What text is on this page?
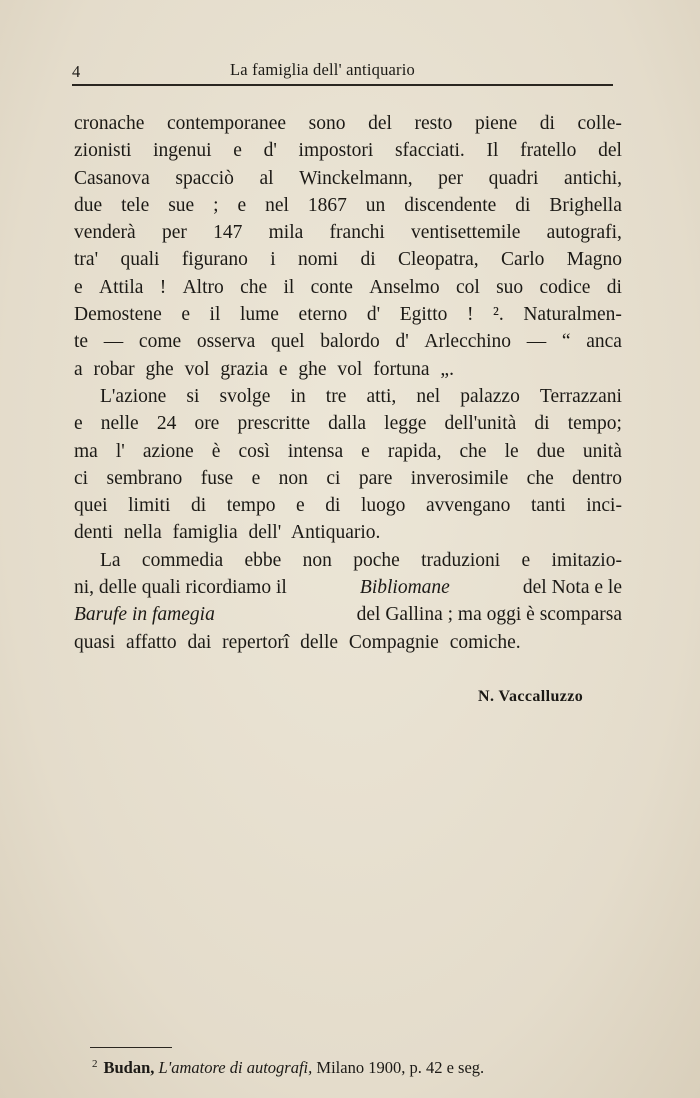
4	La famiglia dell' antiquario
cronache contemporanee sono del resto piene di colle-
zionisti ingenui e d' impostori sfacciati. Il fratello del
Casanova spacciò al Winckelmann, per quadri antichi,
due tele sue ; e nel 1867 un discendente di Brighella
venderà per 147 mila franchi ventisettemile autografi,
tra' quali figurano i nomi di Cleopatra, Carlo Magno
e Attila ! Altro che il conte Anselmo col suo codice di
Demostene e il lume eterno d' Egitto ! ². Naturalmen-
te — come osserva quel balordo d' Arlecchino — “ anca
a robar ghe vol grazia e ghe vol fortuna „.
L'azione si svolge in tre atti, nel palazzo Terrazzani
e nelle 24 ore prescritte dalla legge dell'unità di tempo;
ma l' azione è così intensa e rapida, che le due unità
ci sembrano fuse e non ci pare inverosimile che dentro
quei limiti di tempo e di luogo avvengano tanti inci-
denti nella famiglia dell' Antiquario.
La commedia ebbe non poche traduzioni e imitazio-
ni, delle quali ricordiamo il	Bibliomane	del Nota e le
Barufe in famegia	del Gallina ; ma oggi è scomparsa
quasi affatto dai repertorî delle Compagnie comiche.
N. Vaccalluzzo
$^2$ Budan, L'amatore di autografi, Milano 1900, p. 42 e seg.
